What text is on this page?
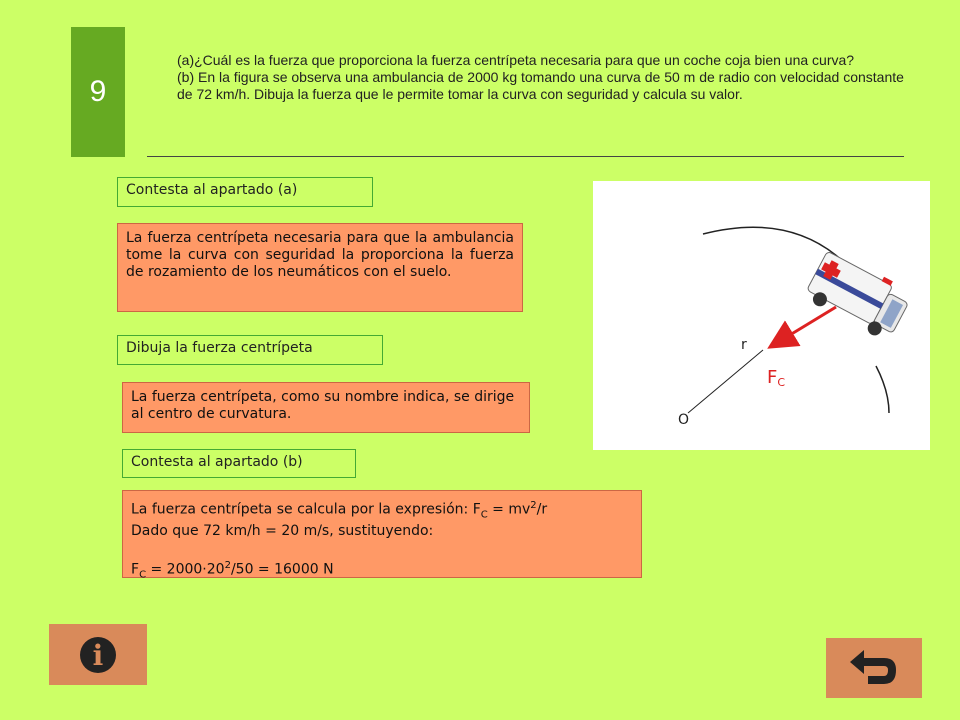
9

(a)¿Cuál es la fuerza que proporciona la fuerza centrípeta necesaria para que un coche coja bien una curva?

(b) En la figura se observa una ambulancia de 2000 kg tomando una curva de 50 m de radio con velocidad constante de 72 km/h. Dibuja la fuerza que le permite tomar la curva con seguridad y calcula su valor.

Contesta al apartado (a)
La fuerza centrípeta necesaria para que la ambulancia tome la curva con seguridad la proporciona la fuerza de rozamiento de los neumáticos con el suelo.
Dibuja la fuerza centrípeta
La fuerza centrípeta, como su nombre indica, se dirige al centro de curvatura.
Contesta al apartado (b)
La fuerza centrípeta se calcula por la expresión: $F_C = mv^2/r$
Dado que 72 km/h = 20 m/s, sustituyendo:
$F_C = 2000\cdot 20^2/50 = 16000$ N
r
FC
O
i
